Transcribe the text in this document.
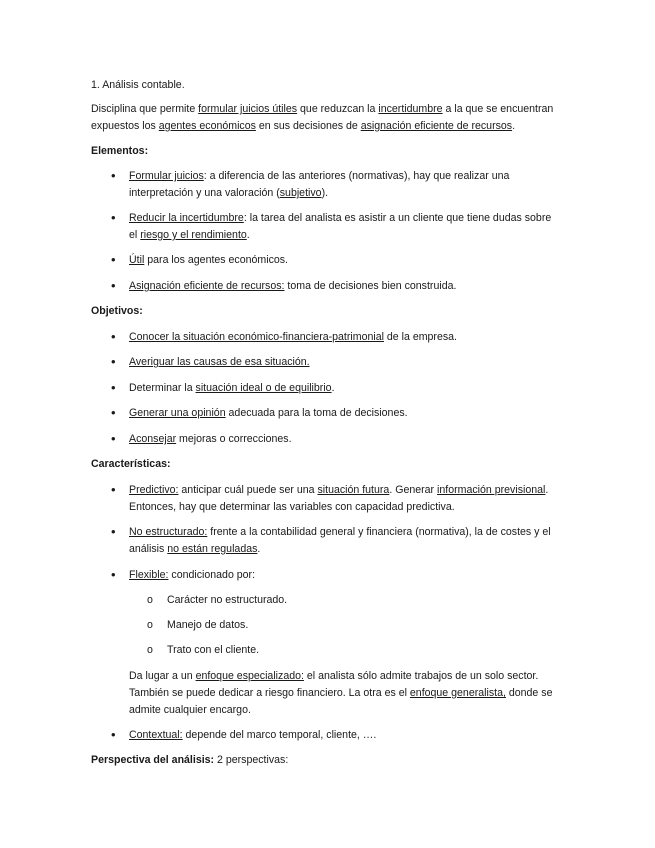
1. Análisis contable.
Disciplina que permite formular juicios útiles que reduzcan la incertidumbre a la que se encuentran
expuestos los agentes económicos en sus decisiones de asignación eficiente de recursos.
Elementos:
• Formular juicios: a diferencia de las anteriores (normativas), hay que realizar una
interpretación y una valoración (subjetivo).
• Reducir la incertidumbre: la tarea del analista es asistir a un cliente que tiene dudas sobre
el riesgo y el rendimiento.
• Útil para los agentes económicos.
• Asignación eficiente de recursos: toma de decisiones bien construida.
Objetivos:
• Conocer la situación económico-financiera-patrimonial de la empresa.
• Averiguar las causas de esa situación.
• Determinar la situación ideal o de equilibrio.
• Generar una opinión adecuada para la toma de decisiones.
• Aconsejar mejoras o correcciones.
Características:
• Predictivo: anticipar cuál puede ser una situación futura. Generar información previsional.
Entonces, hay que determinar las variables con capacidad predictiva.
• No estructurado: frente a la contabilidad general y financiera (normativa), la de costes y el
análisis no están reguladas.
• Flexible: condicionado por:
o Carácter no estructurado.
o Manejo de datos.
o Trato con el cliente.
Da lugar a un enfoque especializado: el analista sólo admite trabajos de un solo sector.
También se puede dedicar a riesgo financiero. La otra es el enfoque generalista, donde se
admite cualquier encargo.
• Contextual: depende del marco temporal, cliente, ….
Perspectiva del análisis: 2 perspectivas:
